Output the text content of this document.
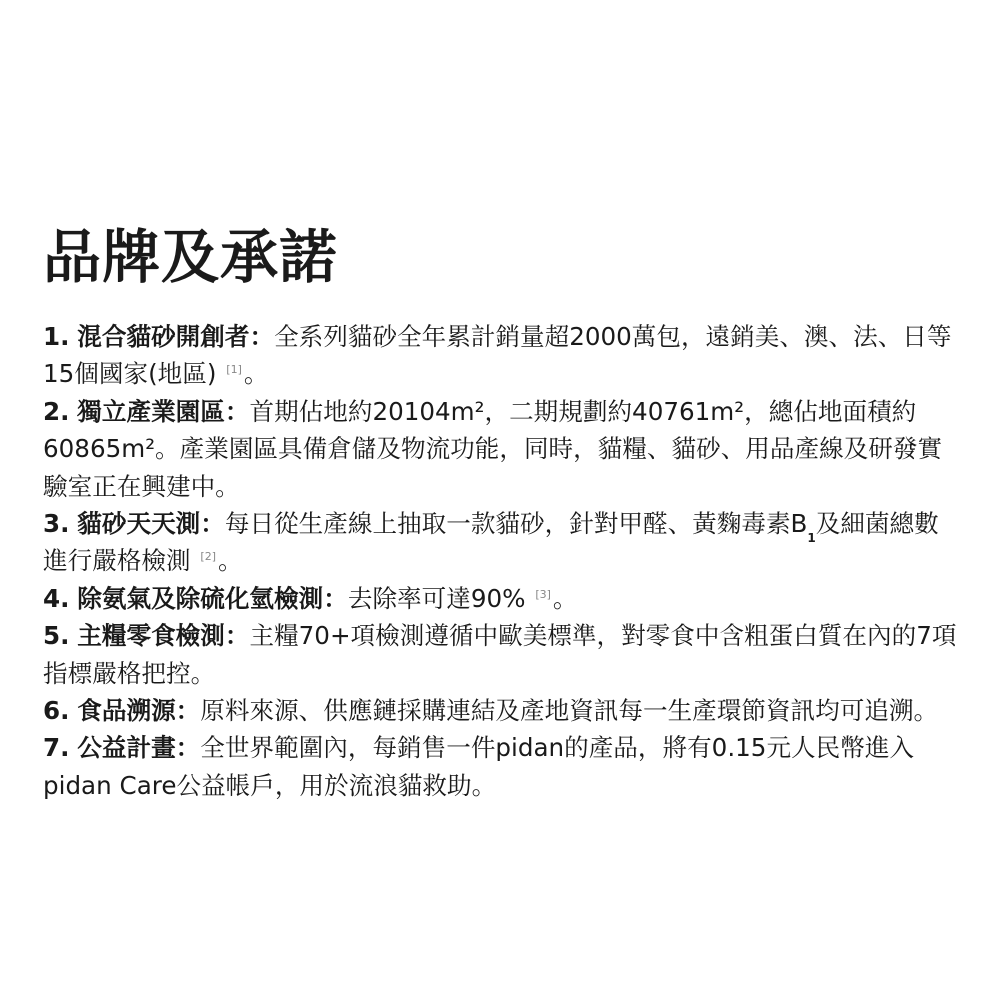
品牌及承諾
1. 混合貓砂開創者：全系列貓砂全年累計銷量超2000萬包，遠銷美、澳、法、日等15個國家(地區) [1]。
2. 獨立產業園區：首期佔地約20104m²，二期規劃約40761m²，總佔地面積約60865m²。產業園區具備倉儲及物流功能，同時，貓糧、貓砂、用品產線及研發實驗室正在興建中。
3. 貓砂天天測：每日從生產線上抽取一款貓砂，針對甲醛、黃麴毒素$B_1$及細菌總數進行嚴格檢測 [2]。
4. 除氨氣及除硫化氫檢測：去除率可達90% [3]。
5. 主糧零食檢測：主糧70+項檢測遵循中歐美標準，對零食中含粗蛋白質在內的7項指標嚴格把控。
6. 食品溯源：原料來源、供應鏈採購連結及產地資訊每一生產環節資訊均可追溯。
7. 公益計畫：全世界範圍內，每銷售一件pidan的產品，將有0.15元人民幣進入pidan Care公益帳戶，用於流浪貓救助。
